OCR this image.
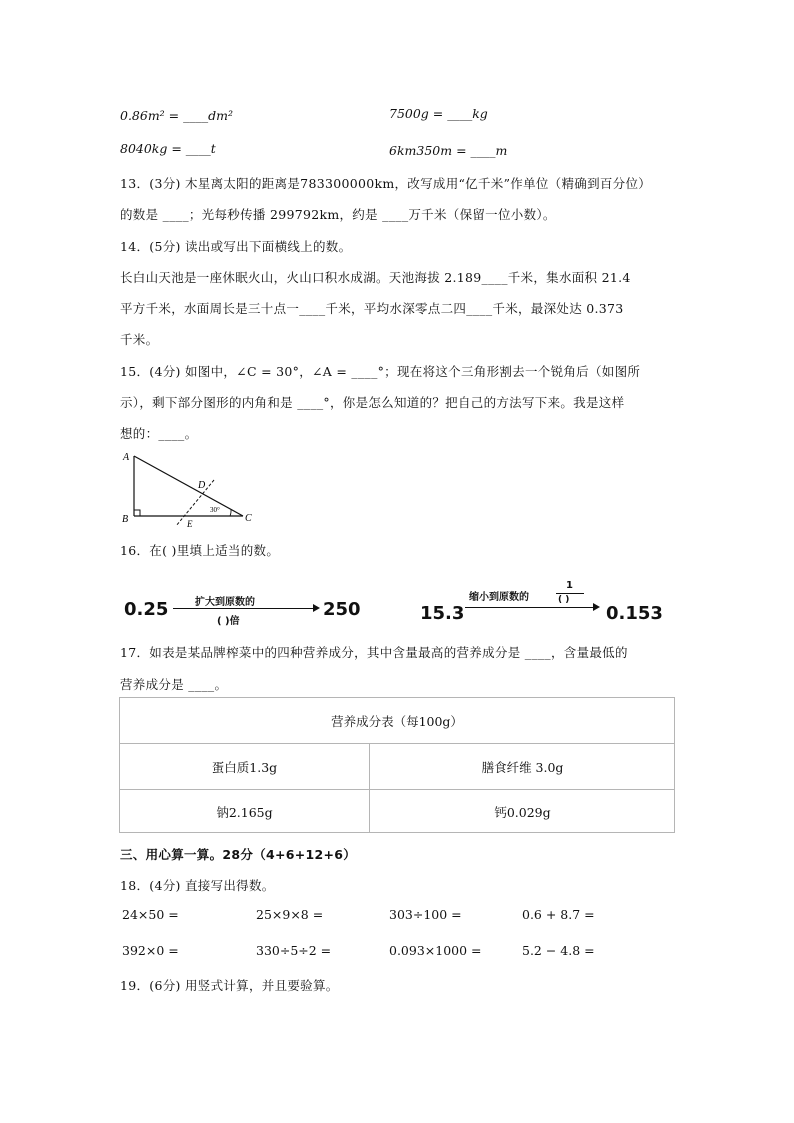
0.86m² = ____dm²	7500g = ____kg
8040kg = ____t	6km350m = ____m
13．(3分) 木星离太阳的距离是783300000km，改写成用“亿千米”作单位（精确到百分位）
的数是 ____；光每秒传播 299792km，约是 ____万千米（保留一位小数）。
14．(5分) 读出或写出下面横线上的数。
长白山天池是一座休眠火山，火山口积水成湖。天池海拔 2.189____千米，集水面积 21.4
平方千米，水面周长是三十点一____千米，平均水深零点二四____千米，最深处达 0.373
千米。
15．(4分) 如图中，∠C = 30°，∠A = ____°；现在将这个三角形割去一个锐角后（如图所
示），剩下部分图形的内角和是 ____°，你是怎么知道的？把自己的方法写下来。我是这样
想的：____。
A
B	C
D
E
30°
16．在( )里填上适当的数。
0.25	扩大到原数的
( )倍
250	15.3
缩小到原数的
1
( )
0.153
17．如表是某品牌榨菜中的四种营养成分，其中含量最高的营养成分是 ____，含量最低的
营养成分是 ____。
营养成分表（每100g）
蛋白质1.3g	膳食纤维 3.0g
钠2.165g	钙0.029g
三、用心算一算。28分（4+6+12+6）
18．(4分) 直接写出得数。
24×50 =	25×9×8 =	303÷100 =	0.6 + 8.7 =
392×0 =	330÷5÷2 =	0.093×1000 =	5.2 − 4.8 =
19．(6分) 用竖式计算，并且要验算。
